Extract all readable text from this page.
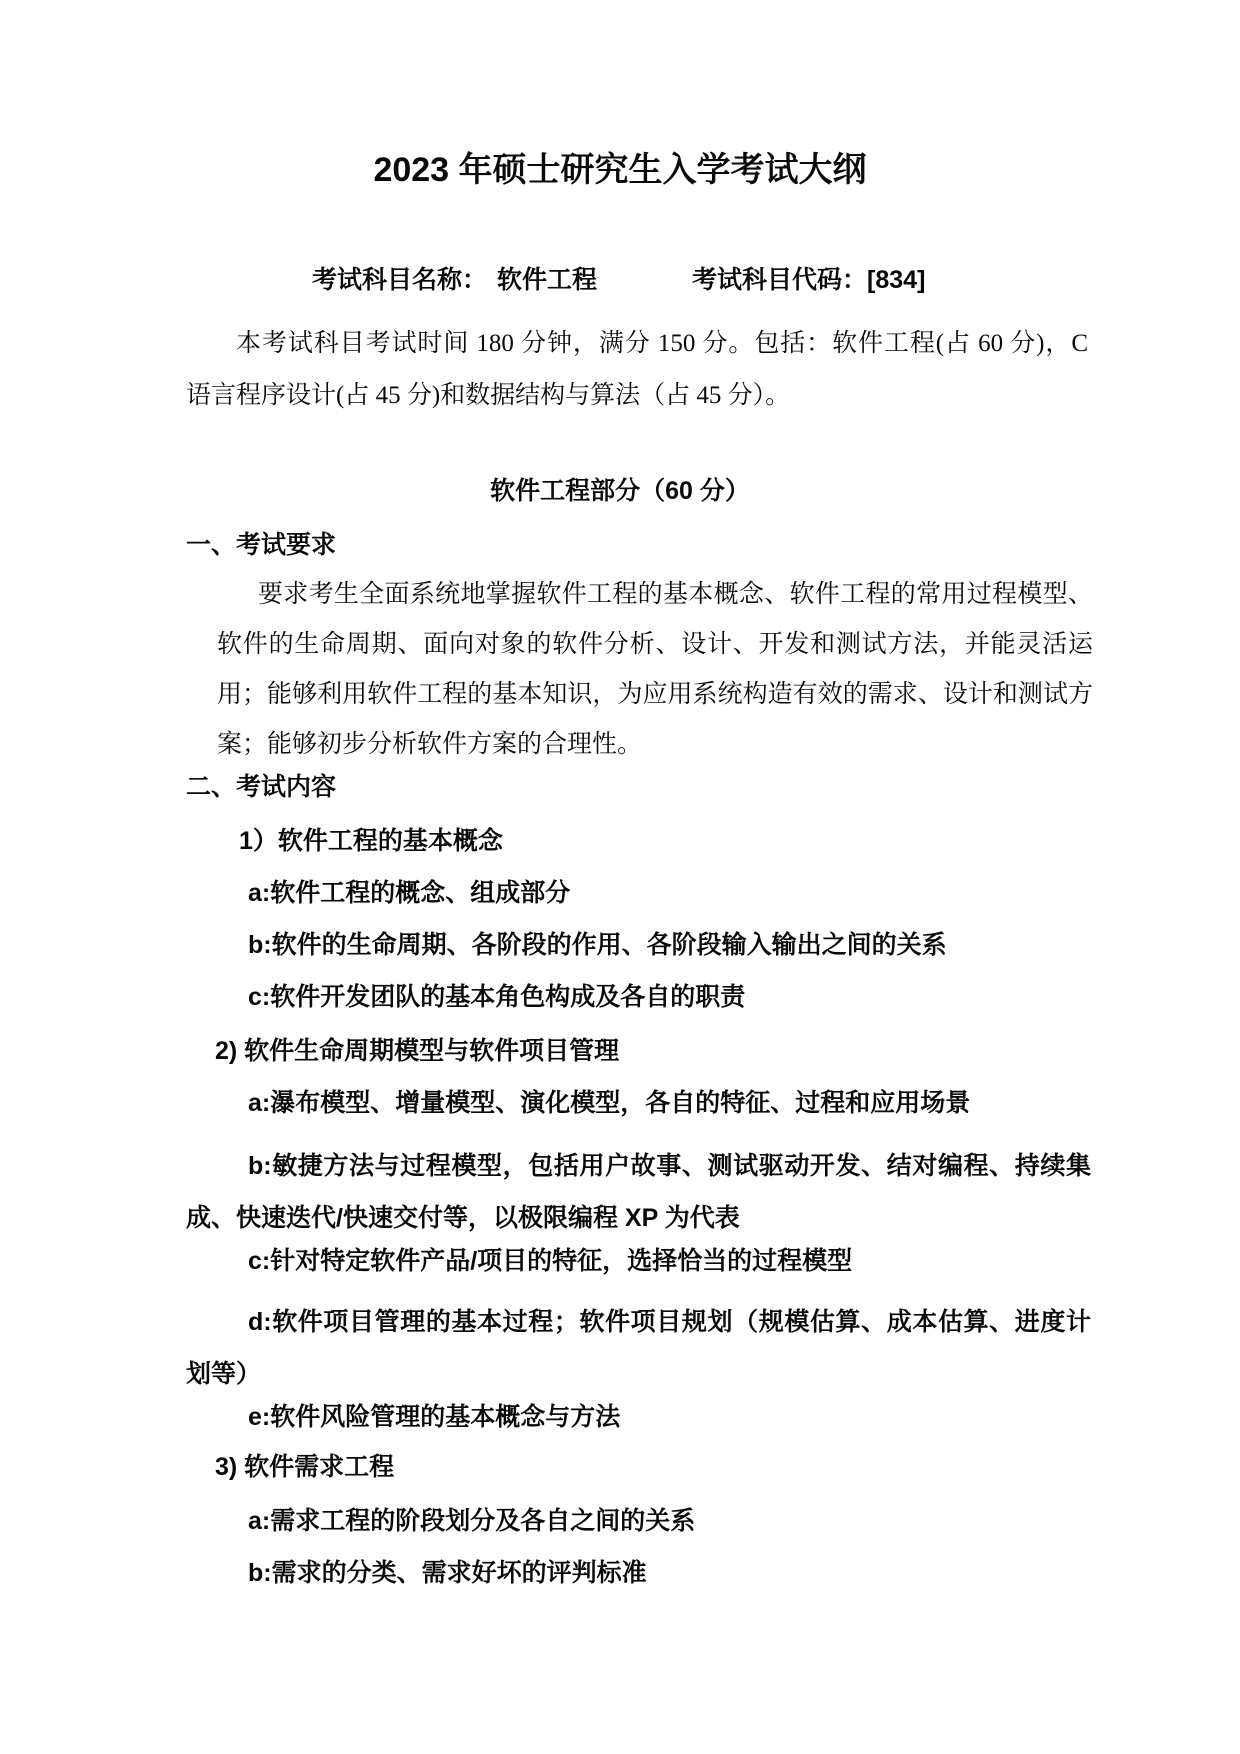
2023 年硕士研究生入学考试大纲
考试科目名称： 软件工程	考试科目代码：[834]

本考试科目考试时间 180 分钟，满分 150 分。包括：软件工程(占 60 分)，C 语言程序设计(占 45 分)和数据结构与算法（占 45 分）。

软件工程部分（60 分）
一、考试要求

要求考生全面系统地掌握软件工程的基本概念、软件工程的常用过程模型、软件的生命周期、面向对象的软件分析、设计、开发和测试方法，并能灵活运用；能够利用软件工程的基本知识，为应用系统构造有效的需求、设计和测试方案；能够初步分析软件方案的合理性。

二、考试内容
1）软件工程的基本概念
a:软件工程的概念、组成部分
b:软件的生命周期、各阶段的作用、各阶段输入输出之间的关系
c:软件开发团队的基本角色构成及各自的职责
2) 软件生命周期模型与软件项目管理
a:瀑布模型、增量模型、演化模型，各自的特征、过程和应用场景
b:敏捷方法与过程模型，包括用户故事、测试驱动开发、结对编程、持续集成、快速迭代/快速交付等，以极限编程 XP 为代表
c:针对特定软件产品/项目的特征，选择恰当的过程模型
d:软件项目管理的基本过程；软件项目规划（规模估算、成本估算、进度计划等）
e:软件风险管理的基本概念与方法
3) 软件需求工程
a:需求工程的阶段划分及各自之间的关系
b:需求的分类、需求好坏的评判标准
